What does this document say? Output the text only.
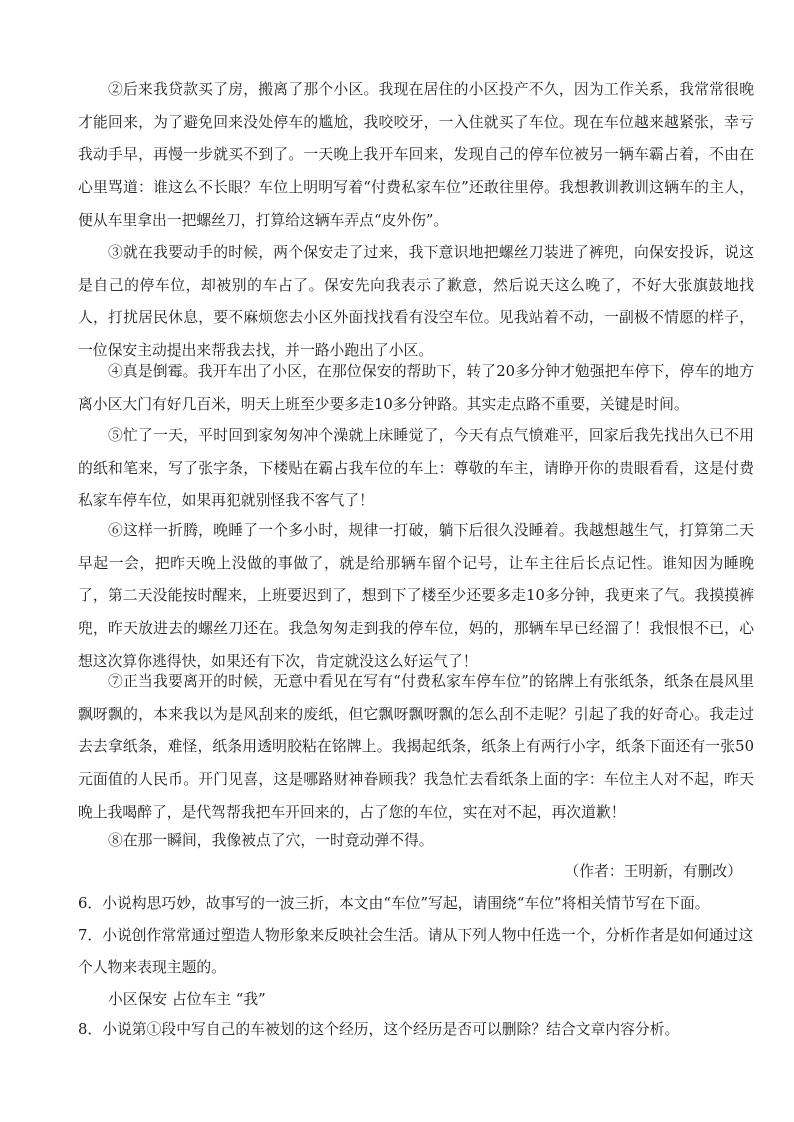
②后来我贷款买了房，搬离了那个小区。我现在居住的小区投产不久，因为工作关系，我常常很晚才能回来，为了避免回来没处停车的尴尬，我咬咬牙，一入住就买了车位。现在车位越来越紧张，幸亏我动手早，再慢一步就买不到了。一天晚上我开车回来，发现自己的停车位被另一辆车霸占着，不由在心里骂道：谁这么不长眼？车位上明明写着“付费私家车位”还敢往里停。我想教训教训这辆车的主人，便从车里拿出一把螺丝刀，打算给这辆车弄点“皮外伤”。

③就在我要动手的时候，两个保安走了过来，我下意识地把螺丝刀装进了裤兜，向保安投诉，说这是自己的停车位，却被别的车占了。保安先向我表示了歉意，然后说天这么晚了，不好大张旗鼓地找人，打扰居民休息，要不麻烦您去小区外面找找看有没空车位。见我站着不动，一副极不情愿的样子，一位保安主动提出来帮我去找，并一路小跑出了小区。

④真是倒霉。我开车出了小区，在那位保安的帮助下，转了20多分钟才勉强把车停下，停车的地方离小区大门有好几百米，明天上班至少要多走10多分钟路。其实走点路不重要，关键是时间。

⑤忙了一天，平时回到家匆匆冲个澡就上床睡觉了，今天有点气愤难平，回家后我先找出久已不用的纸和笔来，写了张字条，下楼贴在霸占我车位的车上：尊敬的车主，请睁开你的贵眼看看，这是付费私家车停车位，如果再犯就别怪我不客气了！

⑥这样一折腾，晚睡了一个多小时，规律一打破，躺下后很久没睡着。我越想越生气，打算第二天早起一会，把昨天晚上没做的事做了，就是给那辆车留个记号，让车主往后长点记性。谁知因为睡晚了，第二天没能按时醒来，上班要迟到了，想到下了楼至少还要多走10多分钟，我更来了气。我摸摸裤兜，昨天放进去的螺丝刀还在。我急匆匆走到我的停车位，妈的，那辆车早已经溜了！我恨恨不已，心想这次算你逃得快，如果还有下次，肯定就没这么好运气了！

⑦正当我要离开的时候，无意中看见在写有“付费私家车停车位”的铭牌上有张纸条，纸条在晨风里飘呀飘的，本来我以为是风刮来的废纸，但它飘呀飘呀飘的怎么刮不走呢？引起了我的好奇心。我走过去去拿纸条，难怪，纸条用透明胶粘在铭牌上。我揭起纸条，纸条上有两行小字，纸条下面还有一张50元面值的人民币。开门见喜，这是哪路财神眷顾我？我急忙去看纸条上面的字：车位主人对不起，昨天晚上我喝醉了，是代驾帮我把车开回来的，占了您的车位，实在对不起，再次道歉！

⑧在那一瞬间，我像被点了穴，一时竟动弹不得。

（作者：王明新，有删改）

6．小说构思巧妙，故事写的一波三折，本文由“车位”写起，请围绕“车位”将相关情节写在下面。

7．小说创作常常通过塑造人物形象来反映社会生活。请从下列人物中任选一个，分析作者是如何通过这个人物来表现主题的。

小区保安 占位车主 “我”

8．小说第①段中写自己的车被划的这个经历，这个经历是否可以删除？结合文章内容分析。
